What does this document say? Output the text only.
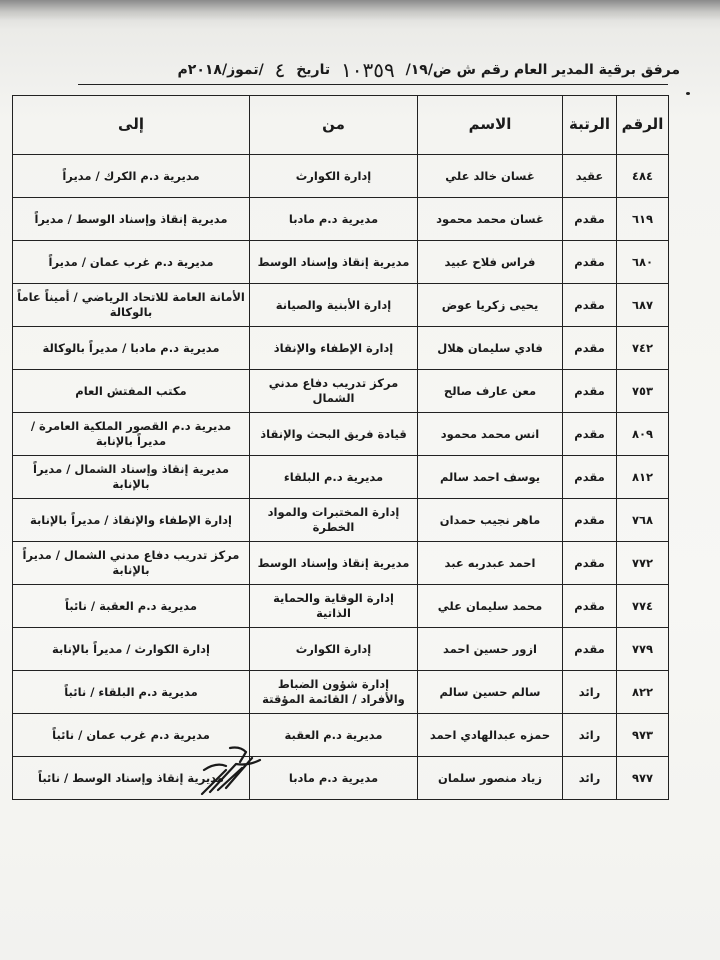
مرفق برقية المدير العام رقم ش ض/١٩/ ١٠٣٥٩ تاريخ ٤ /تموز/٢٠١٨م
الرقم	الرتبة	الاسم	من	إلى
٤٨٤	عقيد	غسان خالد علي	إدارة الكوارث	مديرية د.م الكرك / مديراً
٦١٩	مقدم	غسان محمد محمود	مديرية د.م مادبا	مديرية إنقاذ وإسناد الوسط / مديراً
٦٨٠	مقدم	فراس فلاح عبيد	مديرية إنقاذ وإسناد الوسط	مديرية د.م غرب عمان / مديراً
٦٨٧	مقدم	يحيى زكريا عوض	إدارة الأبنية والصيانة	الأمانة العامة للاتحاد الرياضي / أميناً عاماً بالوكالة
٧٤٢	مقدم	فادي سليمان هلال	إدارة الإطفاء والإنقاذ	مديرية د.م مادبا / مديراً بالوكالة
٧٥٣	مقدم	معن عارف صالح	مركز تدريب دفاع مدني الشمال	مكتب المفتش العام
٨٠٩	مقدم	انس محمد محمود	قيادة فريق البحث والإنقاذ	مديرية د.م القصور الملكية العامرة / مديراً بالإنابة
٨١٢	مقدم	يوسف احمد سالم	مديرية د.م البلقاء	مديرية إنقاذ وإسناد الشمال / مديراً بالإنابة
٧٦٨	مقدم	ماهر نجيب حمدان	إدارة المختبرات والمواد الخطرة	إدارة الإطفاء والإنقاذ / مديراً بالإنابة
٧٧٢	مقدم	احمد عبدربه عبد	مديرية إنقاذ وإسناد الوسط	مركز تدريب دفاع مدني الشمال / مديراً بالإنابة
٧٧٤	مقدم	محمد سليمان علي	إدارة الوقاية والحماية الذاتية	مديرية د.م العقبة / نائباً
٧٧٩	مقدم	ازور حسين احمد	إدارة الكوارث	إدارة الكوارث / مديراً بالإنابة
٨٢٢	رائد	سالم حسين سالم	إدارة شؤون الضباط والأفراد / القائمة المؤقتة	مديرية د.م البلقاء / نائباً
٩٧٣	رائد	حمزه عبدالهادي احمد	مديرية د.م العقبة	مديرية د.م غرب عمان / نائباً
٩٧٧	رائد	زياد منصور سلمان	مديرية د.م مادبا	مديرية إنقاذ وإسناد الوسط / نائباً
